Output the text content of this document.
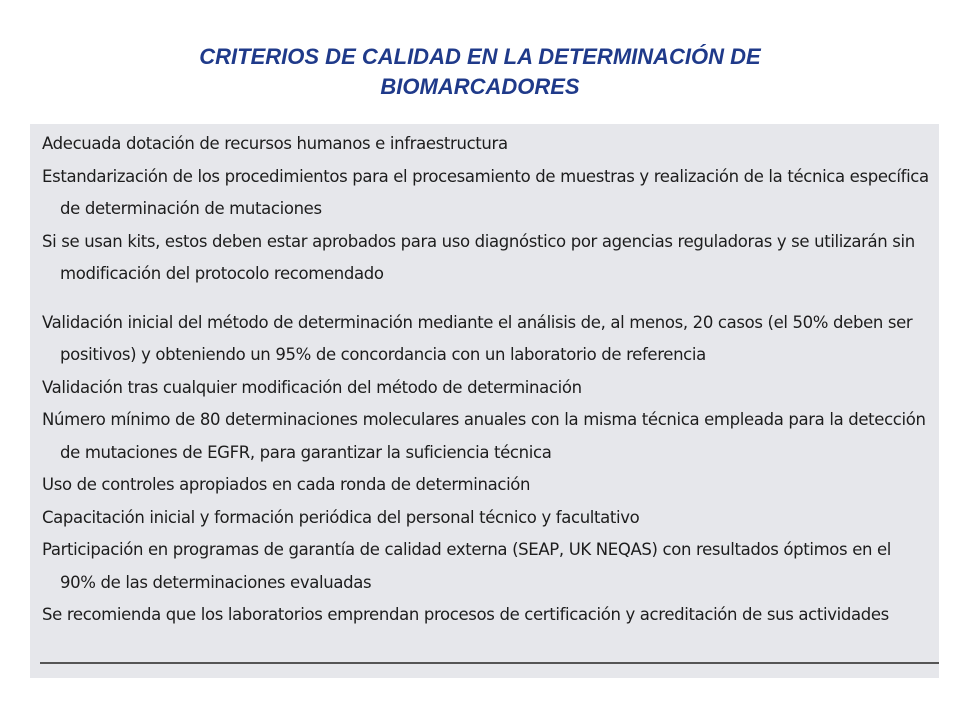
CRITERIOS DE CALIDAD EN LA DETERMINACIÓN DE
BIOMARCADORES
Adecuada dotación de recursos humanos e infraestructura
Estandarización de los procedimientos para el procesamiento de muestras y realización de la técnica específica de determinación de mutaciones
Si se usan kits, estos deben estar aprobados para uso diagnóstico por agencias reguladoras y se utilizarán sin modificación del protocolo recomendado
Validación inicial del método de determinación mediante el análisis de, al menos, 20 casos (el 50% deben ser positivos) y obteniendo un 95% de concordancia con un laboratorio de referencia
Validación tras cualquier modificación del método de determinación
Número mínimo de 80 determinaciones moleculares anuales con la misma técnica empleada para la detección de mutaciones de EGFR, para garantizar la suficiencia técnica
Uso de controles apropiados en cada ronda de determinación
Capacitación inicial y formación periódica del personal técnico y facultativo
Participación en programas de garantía de calidad externa (SEAP, UK NEQAS) con resultados óptimos en el 90% de las determinaciones evaluadas
Se recomienda que los laboratorios emprendan procesos de certificación y acreditación de sus actividades
